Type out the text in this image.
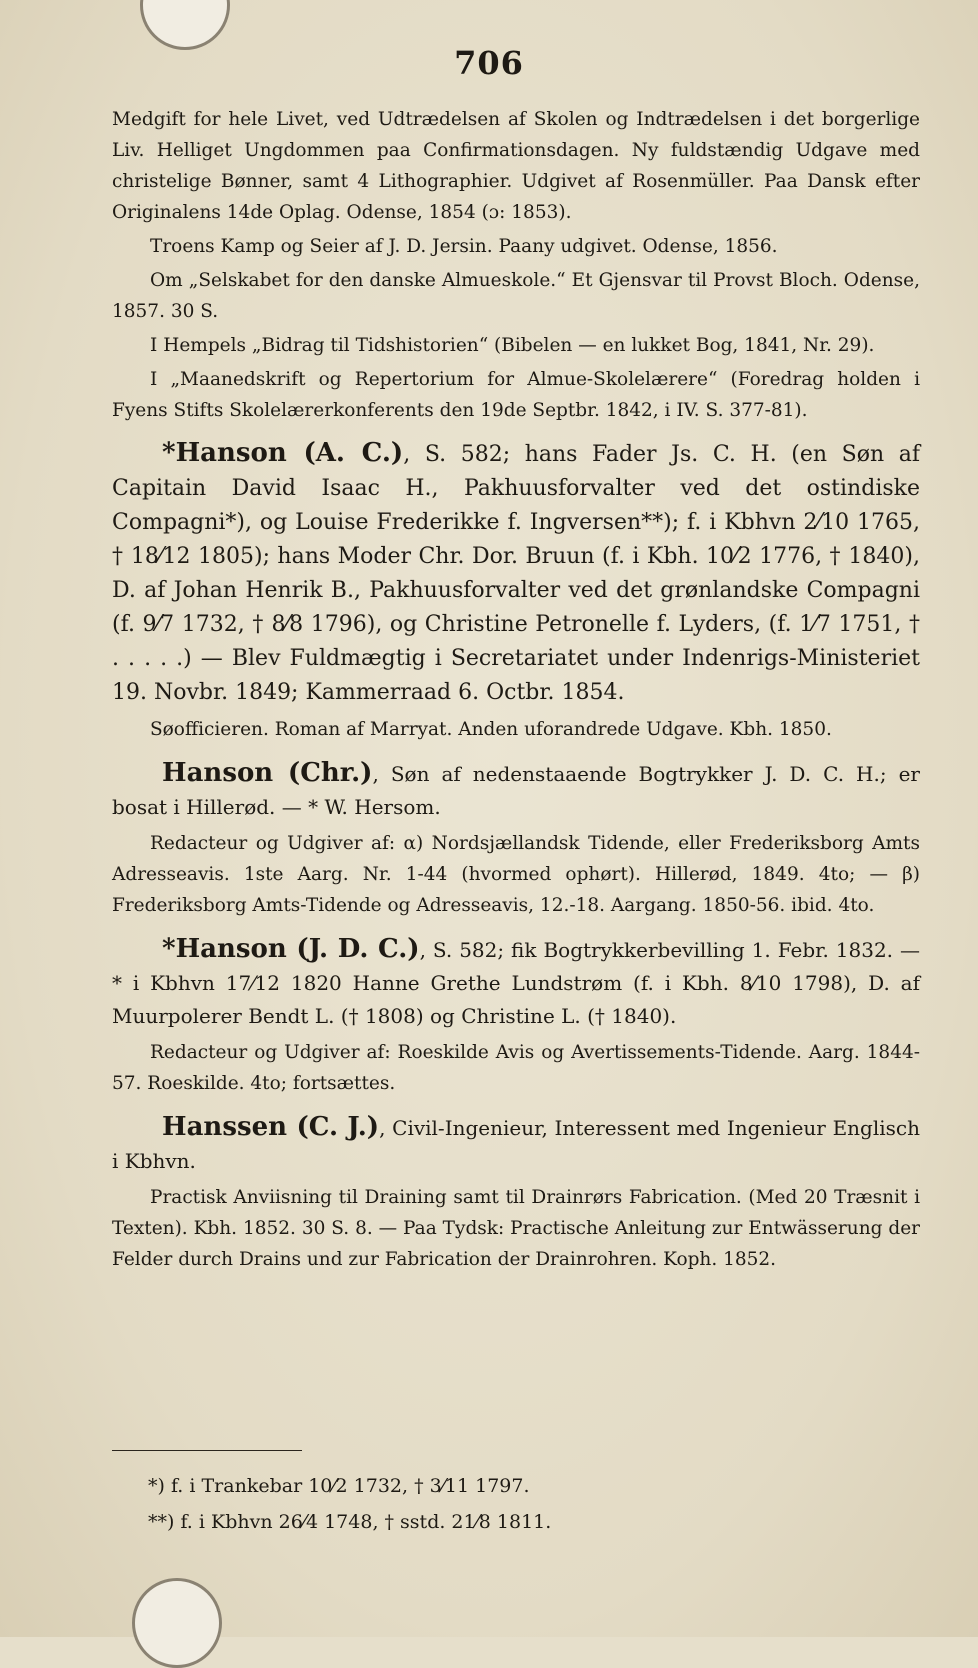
706

Medgift for hele Livet, ved Udtrædelsen af Skolen og Indtrædelsen i det borgerlige Liv. Helliget Ungdommen paa Confirmationsdagen. Ny fuldstændig Udgave med christelige Bønner, samt 4 Lithographier. Udgivet af Rosenmüller. Paa Dansk efter Originalens 14de Oplag. Odense, 1854 (ɔ: 1853).

Troens Kamp og Seier af J. D. Jersin. Paany udgivet. Odense, 1856.

Om „Selskabet for den danske Almueskole.“ Et Gjensvar til Provst Bloch. Odense, 1857. 30 S.

I Hempels „Bidrag til Tidshistorien“ (Bibelen — en lukket Bog, 1841, Nr. 29).

I „Maanedskrift og Repertorium for Almue-Skolelærere“ (Foredrag holden i Fyens Stifts Skolelærerkonferents den 19de Septbr. 1842, i IV. S. 377-81).

*Hanson (A. C.), S. 582; hans Fader Js. C. H. (en Søn af Capitain David Isaac H., Pakhuusforvalter ved det ostindiske Compagni*), og Louise Frederikke f. Ingversen**); f. i Kbhvn 2⁄10 1765, † 18⁄12 1805); hans Moder Chr. Dor. Bruun (f. i Kbh. 10⁄2 1776, † 1840), D. af Johan Henrik B., Pakhuusforvalter ved det grønlandske Compagni (f. 9⁄7 1732, † 8⁄8 1796), og Christine Petronelle f. Lyders, (f. 1⁄7 1751, † . . . . .) — Blev Fuldmægtig i Secretariatet under Indenrigs-Ministeriet 19. Novbr. 1849; Kammerraad 6. Octbr. 1854.

Søofficieren. Roman af Marryat. Anden uforandrede Udgave. Kbh. 1850.

Hanson (Chr.), Søn af nedenstaaende Bogtrykker J. D. C. H.; er bosat i Hillerød. — * W. Hersom.

Redacteur og Udgiver af: α) Nordsjællandsk Tidende, eller Frederiksborg Amts Adresseavis. 1ste Aarg. Nr. 1-44 (hvormed ophørt). Hillerød, 1849. 4to; — β) Frederiksborg Amts-Tidende og Adresseavis, 12.-18. Aargang. 1850-56. ibid. 4to.

*Hanson (J. D. C.), S. 582; fik Bogtrykkerbevilling 1. Febr. 1832. — * i Kbhvn 17⁄12 1820 Hanne Grethe Lundstrøm (f. i Kbh. 8⁄10 1798), D. af Muurpolerer Bendt L. († 1808) og Christine L. († 1840).

Redacteur og Udgiver af: Roeskilde Avis og Avertissements-Tidende. Aarg. 1844-57. Roeskilde. 4to; fortsættes.

Hanssen (C. J.), Civil-Ingenieur, Interessent med Ingenieur Englisch i Kbhvn.

Practisk Anviisning til Draining samt til Drainrørs Fabrication. (Med 20 Træsnit i Texten). Kbh. 1852. 30 S. 8. — Paa Tydsk: Practische Anleitung zur Entwässerung der Felder durch Drains und zur Fabrication der Drainrohren. Koph. 1852.

*) f. i Trankebar 10⁄2 1732, † 3⁄11 1797.

**) f. i Kbhvn 26⁄4 1748, † sstd. 21⁄8 1811.
